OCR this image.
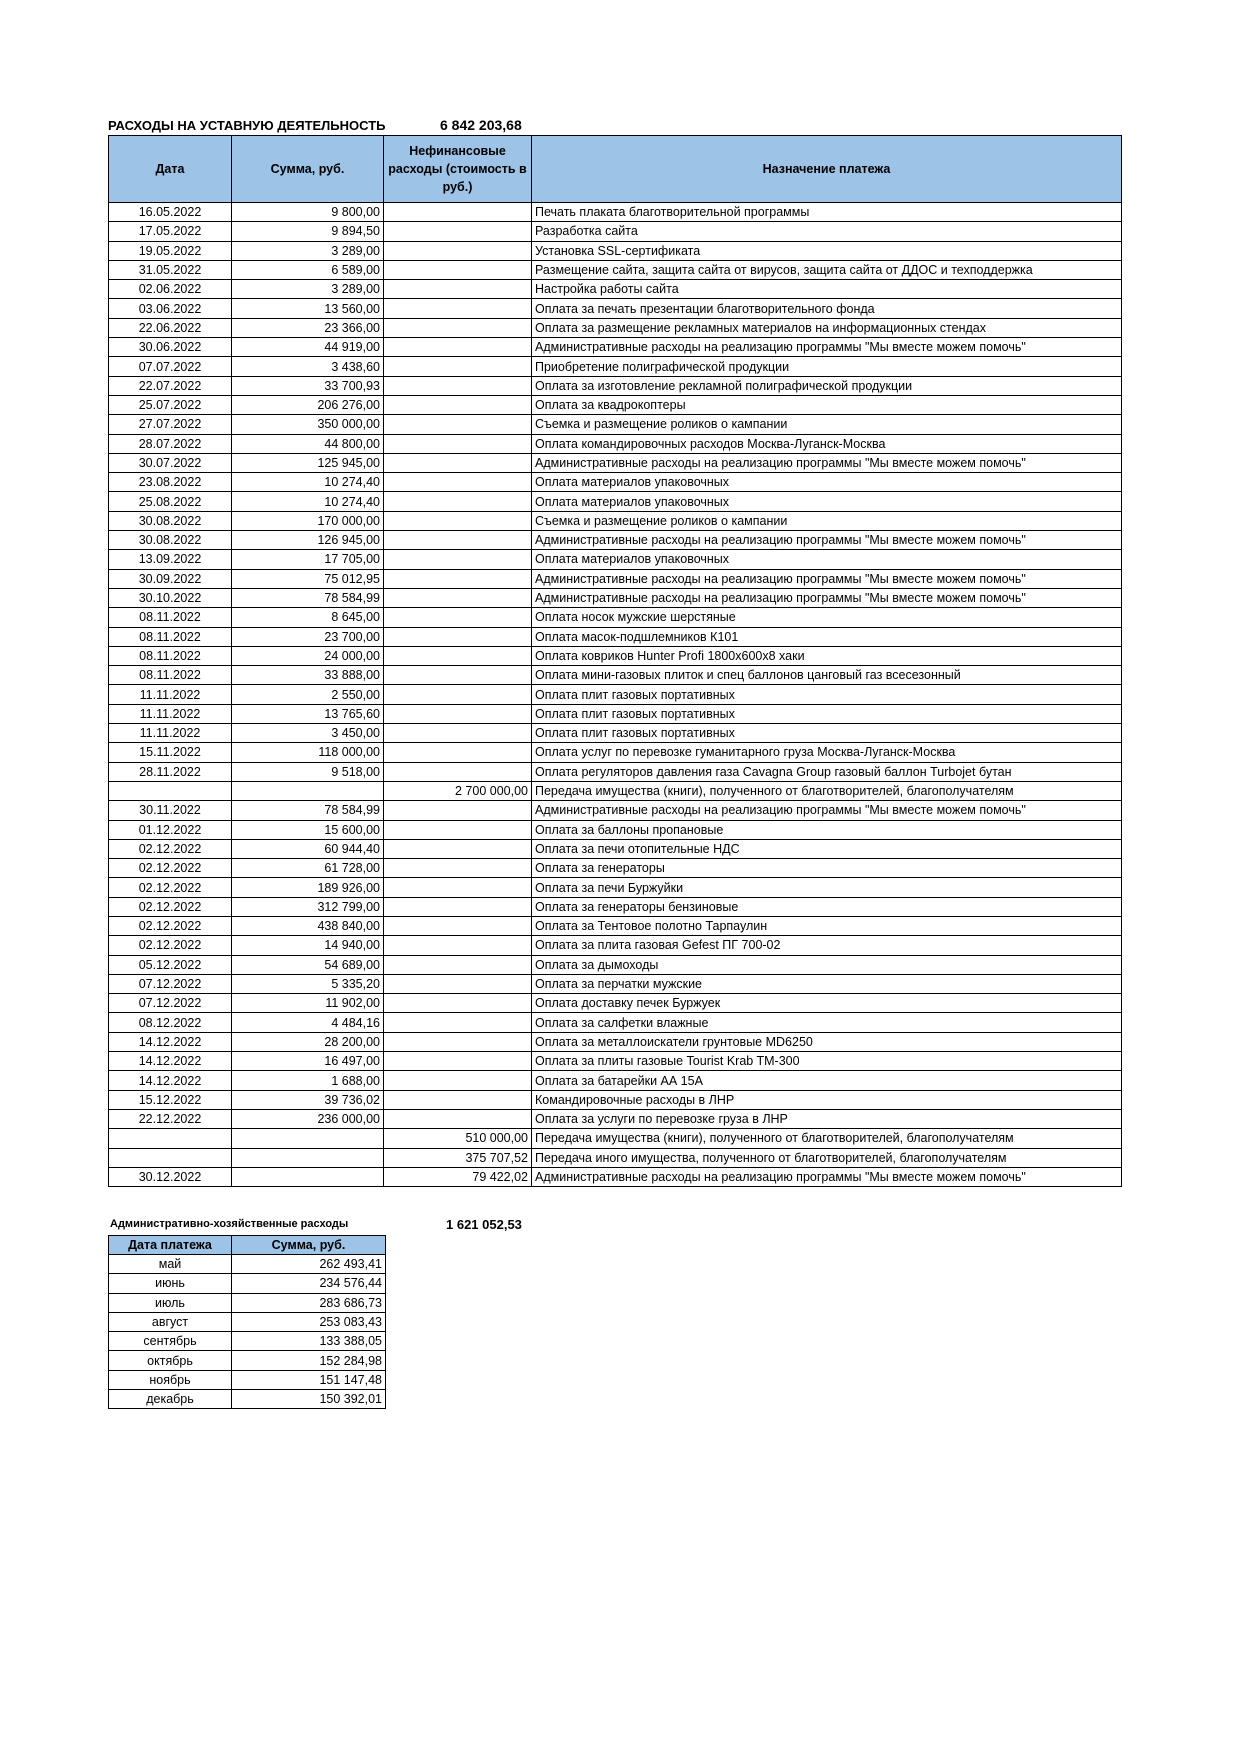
РАСХОДЫ НА УСТАВНУЮ ДЕЯТЕЛЬНОСТЬ	6 842 203,68
Дата	Сумма, руб.	Нефинансовые расходы (стоимость в руб.)	Назначение платежа
16.05.2022	9 800,00		Печать плаката благотворительной программы
17.05.2022	9 894,50		Разработка сайта
19.05.2022	3 289,00		Установка SSL-сертификата
31.05.2022	6 589,00		Размещение сайта, защита сайта от вирусов, защита сайта от ДДОС и техподдержка
02.06.2022	3 289,00		Настройка работы сайта
03.06.2022	13 560,00		Оплата за печать презентации благотворительного фонда
22.06.2022	23 366,00		Оплата за размещение рекламных материалов на информационных стендах
30.06.2022	44 919,00		Административные расходы на реализацию программы "Мы вместе можем помочь"
07.07.2022	3 438,60		Приобретение полиграфической продукции
22.07.2022	33 700,93		Оплата за изготовление рекламной полиграфической продукции
25.07.2022	206 276,00		Оплата за квадрокоптеры
27.07.2022	350 000,00		Съемка и размещение роликов о кампании
28.07.2022	44 800,00		Оплата командировочных расходов Москва-Луганск-Москва
30.07.2022	125 945,00		Административные расходы на реализацию программы "Мы вместе можем помочь"
23.08.2022	10 274,40		Оплата материалов упаковочных
25.08.2022	10 274,40		Оплата материалов упаковочных
30.08.2022	170 000,00		Съемка и размещение роликов о кампании
30.08.2022	126 945,00		Административные расходы на реализацию программы "Мы вместе можем помочь"
13.09.2022	17 705,00		Оплата материалов упаковочных
30.09.2022	75 012,95		Административные расходы на реализацию программы "Мы вместе можем помочь"
30.10.2022	78 584,99		Административные расходы на реализацию программы "Мы вместе можем помочь"
08.11.2022	8 645,00		Оплата носок мужские шерстяные
08.11.2022	23 700,00		Оплата масок-подшлемников К101
08.11.2022	24 000,00		Оплата ковриков Hunter Profi 1800x600x8 хаки
08.11.2022	33 888,00		Оплата мини-газовых плиток и спец баллонов цанговый газ всесезонный
11.11.2022	2 550,00		Оплата плит газовых портативных
11.11.2022	13 765,60		Оплата плит газовых портативных
11.11.2022	3 450,00		Оплата плит газовых портативных
15.11.2022	118 000,00		Оплата услуг по перевозке гуманитарного груза Москва-Луганск-Москва
28.11.2022	9 518,00		Оплата регуляторов давления газа Cavagna Group газовый баллон Turbojet бутан
		2 700 000,00	Передача имущества (книги), полученного от благотворителей, благополучателям
30.11.2022	78 584,99		Административные расходы на реализацию программы "Мы вместе можем помочь"
01.12.2022	15 600,00		Оплата за баллоны пропановые
02.12.2022	60 944,40		Оплата за печи отопительные НДС
02.12.2022	61 728,00		Оплата за генераторы
02.12.2022	189 926,00		Оплата за печи Буржуйки
02.12.2022	312 799,00		Оплата за генераторы бензиновые
02.12.2022	438 840,00		Оплата за Тентовое полотно Тарпаулин
02.12.2022	14 940,00		Оплата за плита газовая Gefest ПГ 700-02
05.12.2022	54 689,00		Оплата за дымоходы
07.12.2022	5 335,20		Оплата за перчатки мужские
07.12.2022	11 902,00		Оплата доставку печек Буржуек
08.12.2022	4 484,16		Оплата за салфетки влажные
14.12.2022	28 200,00		Оплата за металлоискатели грунтовые MD6250
14.12.2022	16 497,00		Оплата за плиты газовые Tourist Krab TM-300
14.12.2022	1 688,00		Оплата за батарейки АА 15А
15.12.2022	39 736,02		Командировочные расходы в ЛНР
22.12.2022	236 000,00		Оплата за услуги по перевозке груза в ЛНР
		510 000,00	Передача имущества (книги), полученного от благотворителей, благополучателям
		375 707,52	Передача иного имущества, полученного от благотворителей, благополучателям
30.12.2022		79 422,02	Административные расходы на реализацию программы "Мы вместе можем помочь"
Административно-хозяйственные расходы	1 621 052,53
Дата платежа	Сумма, руб.
май	262 493,41
июнь	234 576,44
июль	283 686,73
август	253 083,43
сентябрь	133 388,05
октябрь	152 284,98
ноябрь	151 147,48
декабрь	150 392,01
